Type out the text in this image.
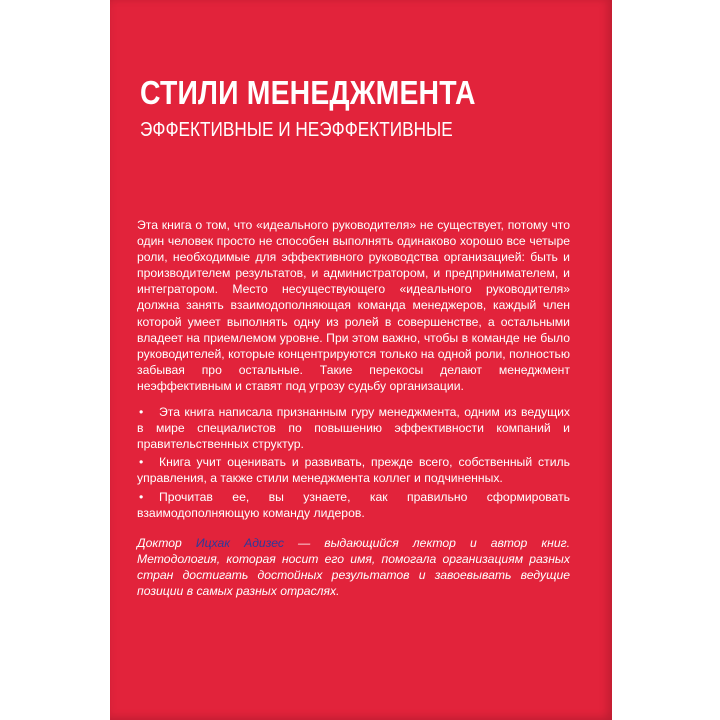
СТИЛИ МЕНЕДЖМЕНТА
ЭФФЕКТИВНЫЕ И НЕЭФФЕКТИВНЫЕ

Эта книга о том, что «идеального руководителя» не существует, потому что один человек просто не способен выполнять одинаково хорошо все четыре роли, необходимые для эффективного руководства организацией: быть и производителем результатов, и администратором, и предпринимателем, и интегратором. Место несуществующего «идеального руководителя» должна занять взаимодополняющая команда менеджеров, каждый член которой умеет выполнять одну из ролей в совершенстве, а остальными владеет на приемлемом уровне. При этом важно, чтобы в команде не было руководителей, которые концентрируются только на одной роли, полностью забывая про остальные. Такие перекосы делают менеджмент неэффективным и ставят под угрозу судьбу организации.

• Эта книга написала признанным гуру менеджмента, одним из ведущих в мире специалистов по повышению эффективности компаний и правительственных структур.
• Книга учит оценивать и развивать, прежде всего, собственный стиль управления, а также стили менеджмента коллег и подчиненных.
• Прочитав ее, вы узнаете, как правильно сформировать взаимодополняющую команду лидеров.

Доктор Ицхак Адизес — выдающийся лектор и автор книг. Методология, которая носит его имя, помогала организациям разных стран достигать достойных результатов и завоевывать ведущие позиции в самых разных отраслях.
